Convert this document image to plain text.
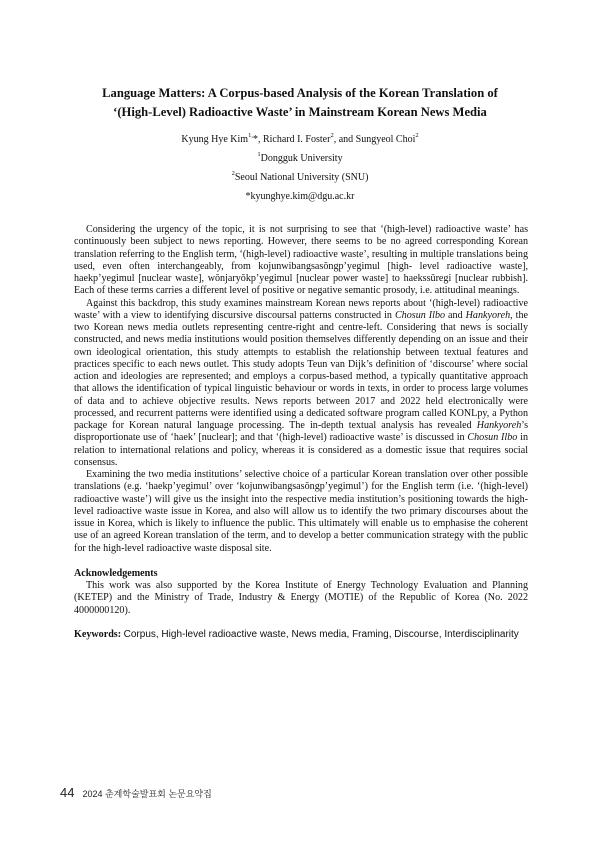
Language Matters: A Corpus-based Analysis of the Korean Translation of
‘(High-Level) Radioactive Waste’ in Mainstream Korean News Media
Kyung Hye Kim$^{1,}$*, Richard I. Foster$^2$, and Sungyeol Choi$^2$
$^1$Dongguk University
$^2$Seoul National University (SNU)
*kyunghye.kim@dgu.ac.kr

Considering the urgency of the topic, it is not surprising to see that ‘(high-level) radioactive waste’ has continuously been subject to news reporting. However, there seems to be no agreed corresponding Korean translation referring to the English term, ‘(high-level) radioactive waste’, resulting in multiple translations being used, even often interchangeably, from kojunwibangsasŏngp’yegimul [high- level radioactive waste], haekp’yegimul [nuclear waste], wŏnjaryŏkp’yegimul [nuclear power waste] to haekssŭregi [nuclear rubbish]. Each of these terms carries a different level of positive or negative semantic prosody, i.e. attitudinal meanings.

Against this backdrop, this study examines mainstream Korean news reports about ‘(high-level) radioactive waste’ with a view to identifying discursive discoursal patterns constructed in Chosun Ilbo and Hankyoreh, the two Korean news media outlets representing centre-right and centre-left. Considering that news is socially constructed, and news media institutions would position themselves differently depending on an issue and their own ideological orientation, this study attempts to establish the relationship between textual features and practices specific to each news outlet. This study adopts Teun van Dijk’s definition of ‘discourse’ where social action and ideologies are represented; and employs a corpus-based method, a typically quantitative approach that allows the identification of typical linguistic behaviour or words in texts, in order to process large volumes of data and to achieve objective results. News reports between 2017 and 2022 held electronically were processed, and recurrent patterns were identified using a dedicated software program called KONLpy, a Python package for Korean natural language processing. The in-depth textual analysis has revealed Hankyoreh’s disproportionate use of ‘haek’ [nuclear]; and that ‘(high-level) radioactive waste’ is discussed in Chosun Ilbo in relation to international relations and policy, whereas it is considered as a domestic issue that requires social consensus.

Examining the two media institutions’ selective choice of a particular Korean translation over other possible translations (e.g. ‘haekp’yegimul’ over ‘kojunwibangsasŏngp’yegimul’) for the English term (i.e. ‘(high-level) radioactive waste’) will give us the insight into the respective media institution’s positioning towards the high-level radioactive waste issue in Korea, and also will allow us to identify the two primary discourses about the issue in Korea, which is likely to influence the public. This ultimately will enable us to emphasise the coherent use of an agreed Korean translation of the term, and to develop a better communication strategy with the public for the high-level radioactive waste disposal site.

Acknowledgements

This work was also supported by the Korea Institute of Energy Technology Evaluation and Planning (KETEP) and the Ministry of Trade, Industry & Energy (MOTIE) of the Republic of Korea (No. 2022 4000000120).

Keywords: Corpus, High-level radioactive waste, News media, Framing, Discourse, Interdisciplinarity
44 2024 춘계학술발표회 논문요약집
